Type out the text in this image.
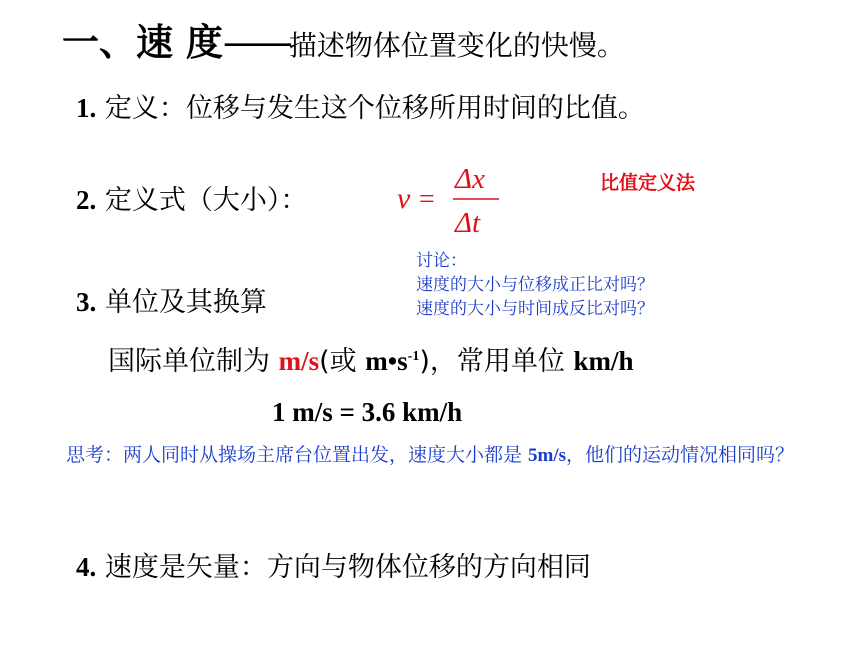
一、速 度——描述物体位置变化的快慢。
1. 定义：位移与发生这个位移所用时间的比值。
2. 定义式（大小）：	v =
Δx
Δt
比值定义法
讨论：
速度的大小与位移成正比对吗？
速度的大小与时间成反比对吗？
3. 单位及其换算
国际单位制为 m/s(或 $m•s^{-1}$)，常用单位 km/h
1 m/s = 3.6 km/h
思考：两人同时从操场主席台位置出发，速度大小都是 5m/s，他们的运动情况相同吗？
4. 速度是矢量：方向与物体位移的方向相同
